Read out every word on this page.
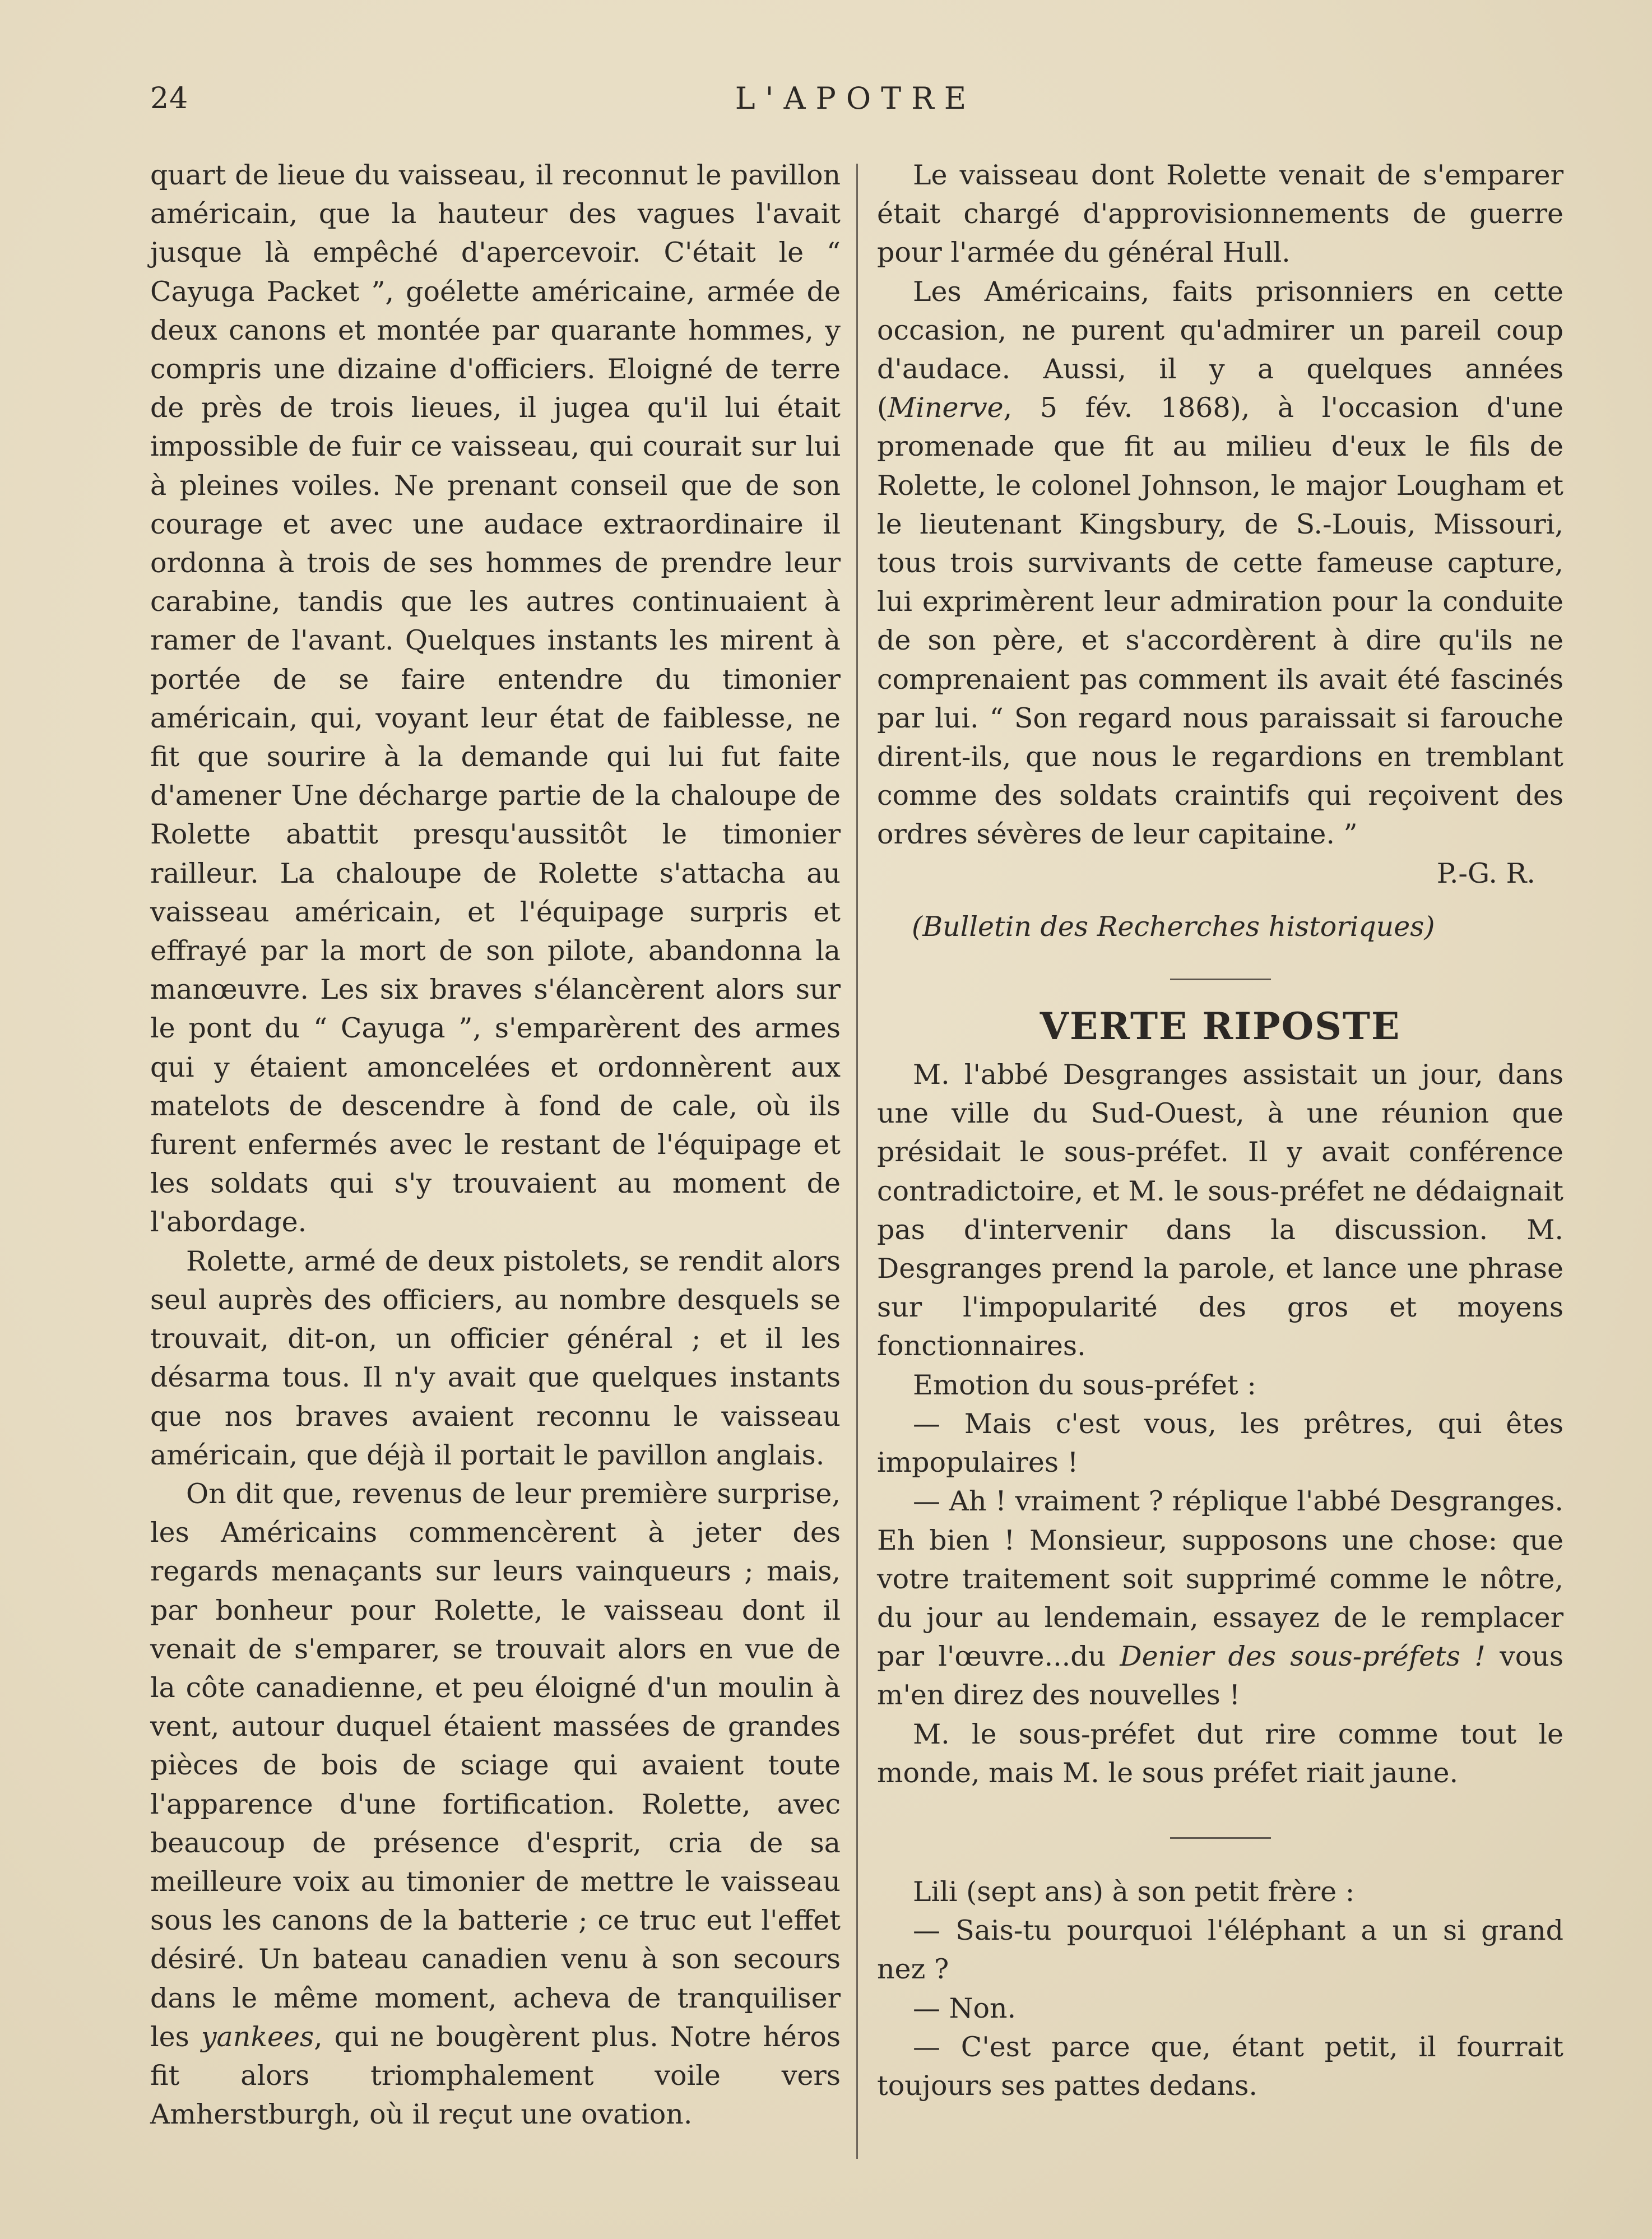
24	L'APOTRE

quart de lieue du vaisseau, il reconnut le pavillon américain, que la hauteur des vagues l'avait jusque là empêché d'apercevoir. C'était le “ Cayuga Packet ”, goélette américaine, armée de deux canons et montée par quarante hommes, y compris une dizaine d'officiers. Eloigné de terre de près de trois lieues, il jugea qu'il lui était impossible de fuir ce vaisseau, qui courait sur lui à pleines voiles. Ne prenant conseil que de son courage et avec une audace extraordinaire il ordonna à trois de ses hommes de prendre leur carabine, tandis que les autres continuaient à ramer de l'avant. Quelques instants les mirent à portée de se faire entendre du timonier américain, qui, voyant leur état de faiblesse, ne fit que sourire à la demande qui lui fut faite d'amener Une décharge partie de la chaloupe de Rolette abattit presqu'aussitôt le timonier railleur. La chaloupe de Rolette s'attacha au vaisseau américain, et l'équipage surpris et effrayé par la mort de son pilote, abandonna la manœuvre. Les six braves s'élancèrent alors sur le pont du “ Cayuga ”, s'emparèrent des armes qui y étaient amoncelées et ordonnèrent aux matelots de descendre à fond de cale, où ils furent enfermés avec le restant de l'équipage et les soldats qui s'y trouvaient au moment de l'abordage.

Rolette, armé de deux pistolets, se rendit alors seul auprès des officiers, au nombre desquels se trouvait, dit-on, un officier général ; et il les désarma tous. Il n'y avait que quelques instants que nos braves avaient reconnu le vaisseau américain, que déjà il portait le pavillon anglais.

On dit que, revenus de leur première surprise, les Américains commencèrent à jeter des regards menaçants sur leurs vainqueurs ; mais, par bonheur pour Rolette, le vaisseau dont il venait de s'emparer, se trouvait alors en vue de la côte canadienne, et peu éloigné d'un moulin à vent, autour duquel étaient massées de grandes pièces de bois de sciage qui avaient toute l'apparence d'une fortification. Rolette, avec beaucoup de présence d'esprit, cria de sa meilleure voix au timonier de mettre le vaisseau sous les canons de la batterie ; ce truc eut l'effet désiré. Un bateau canadien venu à son secours dans le même moment, acheva de tranquiliser les yankees, qui ne bougèrent plus. Notre héros fit alors triomphalement voile vers Amherstburgh, où il reçut une ovation.

Le vaisseau dont Rolette venait de s'emparer était chargé d'approvisionnements de guerre pour l'armée du général Hull.

Les Américains, faits prisonniers en cette occasion, ne purent qu'admirer un pareil coup d'audace. Aussi, il y a quelques années (Minerve, 5 fév. 1868), à l'occasion d'une promenade que fit au milieu d'eux le fils de Rolette, le colonel Johnson, le major Lougham et le lieutenant Kingsbury, de S.-Louis, Missouri, tous trois survivants de cette fameuse capture, lui exprimèrent leur admiration pour la conduite de son père, et s'accordèrent à dire qu'ils ne comprenaient pas comment ils avait été fascinés par lui. “ Son regard nous paraissait si farouche dirent-ils, que nous le regardions en tremblant comme des soldats craintifs qui reçoivent des ordres sévères de leur capitaine. ”

P.-G. R.

(Bulletin des Recherches historiques)

VERTE RIPOSTE

M. l'abbé Desgranges assistait un jour, dans une ville du Sud-Ouest, à une réunion que présidait le sous-préfet. Il y avait conférence contradictoire, et M. le sous-préfet ne dédaignait pas d'intervenir dans la discussion. M. Desgranges prend la parole, et lance une phrase sur l'impopularité des gros et moyens fonctionnaires.

Emotion du sous-préfet :

— Mais c'est vous, les prêtres, qui êtes impopulaires !

— Ah ! vraiment ? réplique l'abbé Desgranges. Eh bien ! Monsieur, supposons une chose: que votre traitement soit supprimé comme le nôtre, du jour au lendemain, essayez de le remplacer par l'œuvre...du Denier des sous-préfets ! vous m'en direz des nouvelles !

M. le sous-préfet dut rire comme tout le monde, mais M. le sous préfet riait jaune.

Lili (sept ans) à son petit frère :

— Sais-tu pourquoi l'éléphant a un si grand nez ?

— Non.

— C'est parce que, étant petit, il fourrait toujours ses pattes dedans.
